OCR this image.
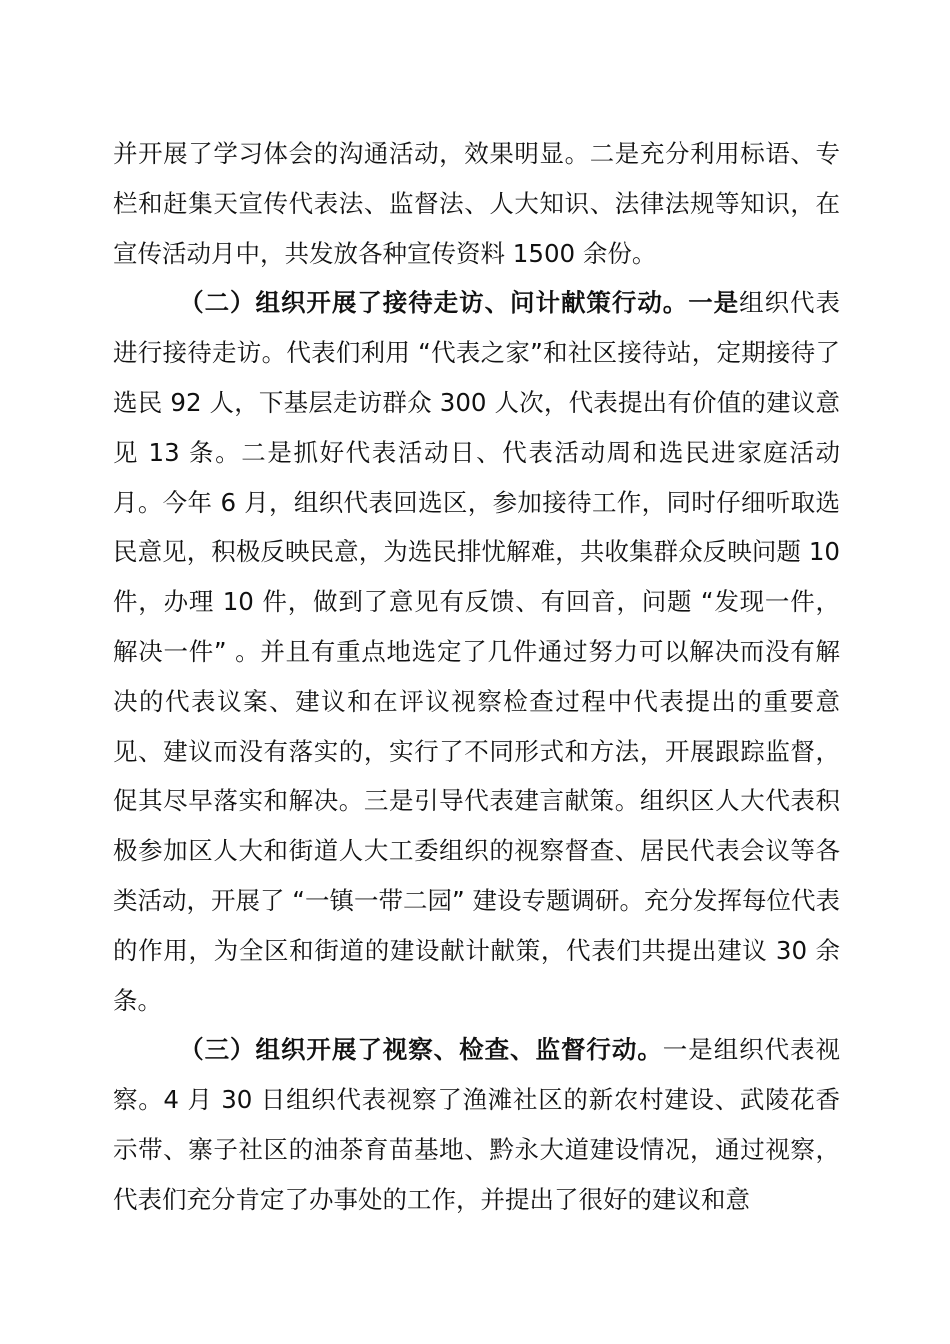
并开展了学习体会的沟通活动，效果明显。二是充分利用标语、专栏和赶集天宣传代表法、监督法、人大知识、法律法规等知识，在宣传活动月中，共发放各种宣传资料 1500 余份。

（二）组织开展了接待走访、问计献策行动。一是组织代表进行接待走访。代表们利用 “代表之家”和社区接待站，定期接待了选民 92 人，下基层走访群众 300 人次，代表提出有价值的建议意见 13 条。二是抓好代表活动日、代表活动周和选民进家庭活动月。今年 6 月，组织代表回选区，参加接待工作，同时仔细听取选民意见，积极反映民意，为选民排忧解难，共收集群众反映问题 10 件，办理 10 件，做到了意见有反馈、有回音，问题 “发现一件，解决一件” 。并且有重点地选定了几件通过努力可以解决而没有解决的代表议案、建议和在评议视察检查过程中代表提出的重要意见、建议而没有落实的，实行了不同形式和方法，开展跟踪监督，促其尽早落实和解决。三是引导代表建言献策。组织区人大代表积极参加区人大和街道人大工委组织的视察督查、居民代表会议等各类活动，开展了 “一镇一带二园” 建设专题调研。充分发挥每位代表的作用，为全区和街道的建设献计献策，代表们共提出建议 30 余条。

（三）组织开展了视察、检查、监督行动。一是组织代表视察。4 月 30 日组织代表视察了渔滩社区的新农村建设、武陵花香示带、寨子社区的油茶育苗基地、黔永大道建设情况，通过视察，代表们充分肯定了办事处的工作，并提出了很好的建议和意
